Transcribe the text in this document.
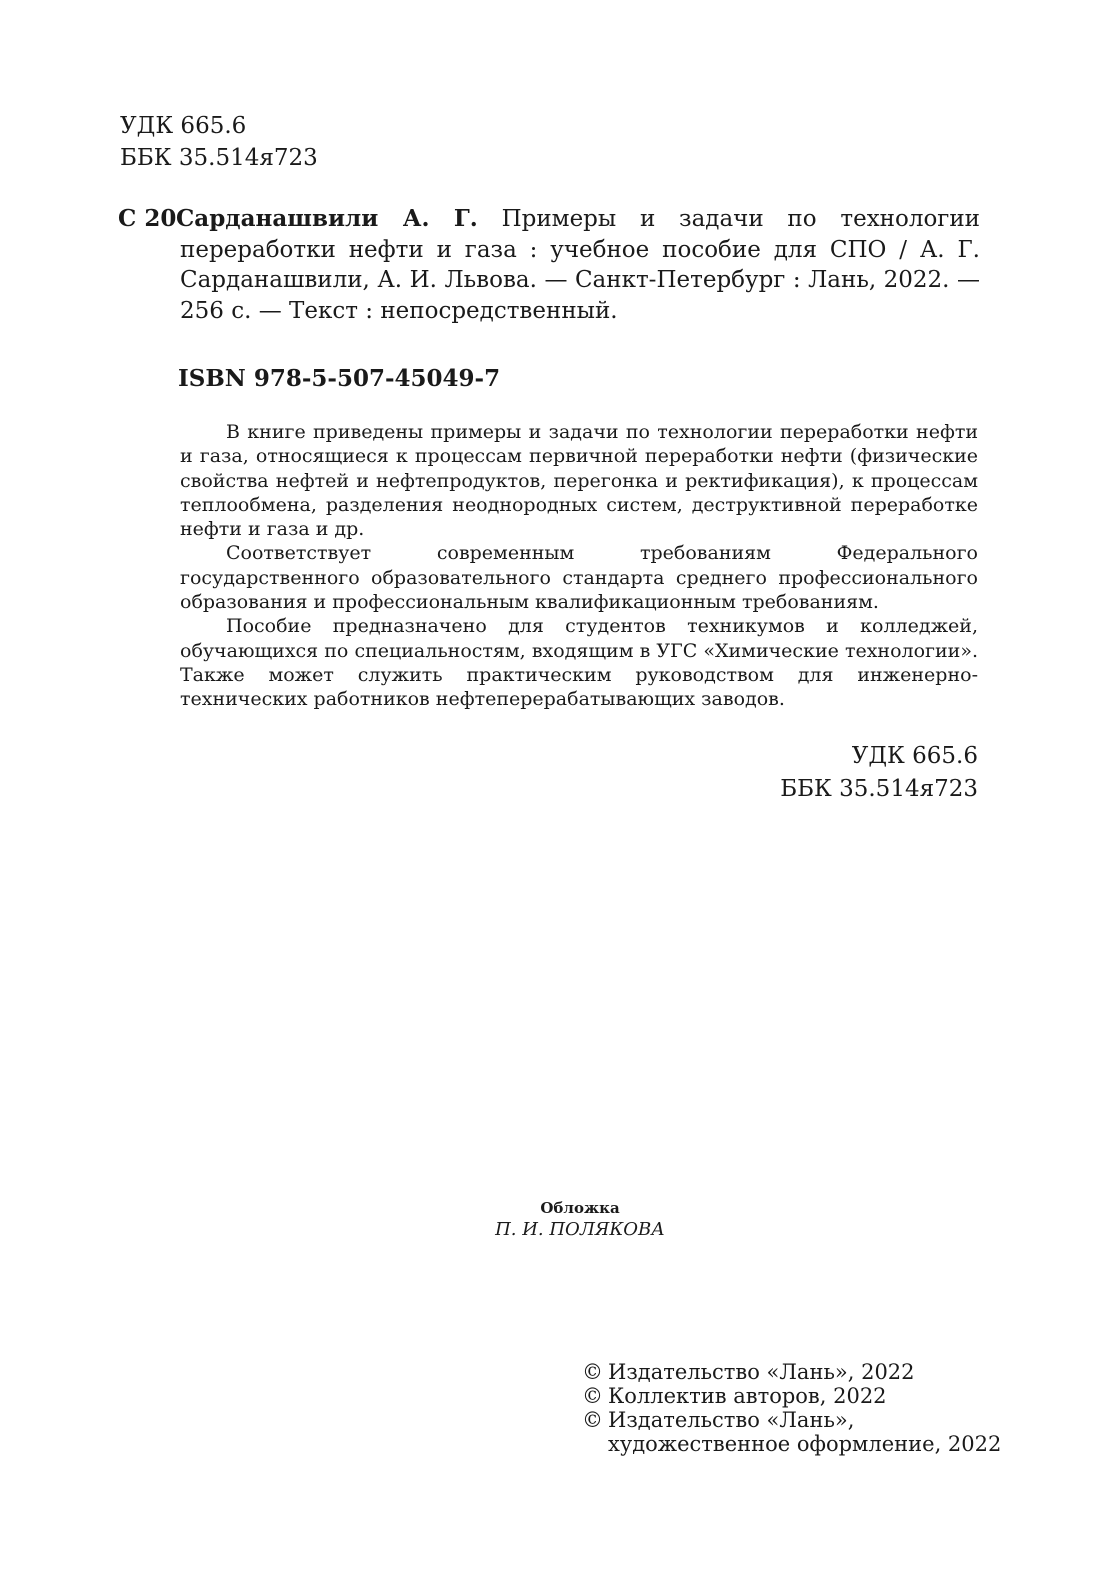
УДК 665.6
ББК 35.514я723
С 20 Сарданашвили А. Г. Примеры и задачи по технологии переработки нефти и газа : учебное пособие для СПО / А. Г. Сарданашвили, А. И. Львова. — Санкт-Петербург : Лань, 2022. — 256 с. — Текст : непосредственный.
ISBN 978-5-507-45049-7

В книге приведены примеры и задачи по технологии переработки нефти и газа, относящиеся к процессам первичной переработки нефти (физические свойства нефтей и нефтепродуктов, перегонка и ректификация), к процессам теплообмена, разделения неоднородных систем, деструктивной переработке нефти и газа и др.

Соответствует современным требованиям Федерального государственного образовательного стандарта среднего профессионального образования и профессиональным квалификационным требованиям.

Пособие предназначено для студентов техникумов и колледжей, обучающихся по специальностям, входящим в УГС «Химические технологии». Также может служить практическим руководством для инженерно-технических работников нефтеперерабатывающих заводов.

УДК 665.6
ББК 35.514я723
Обложка
П. И. ПОЛЯКОВА
© Издательство «Лань», 2022
© Коллектив авторов, 2022
© Издательство «Лань»,
художественное оформление, 2022
